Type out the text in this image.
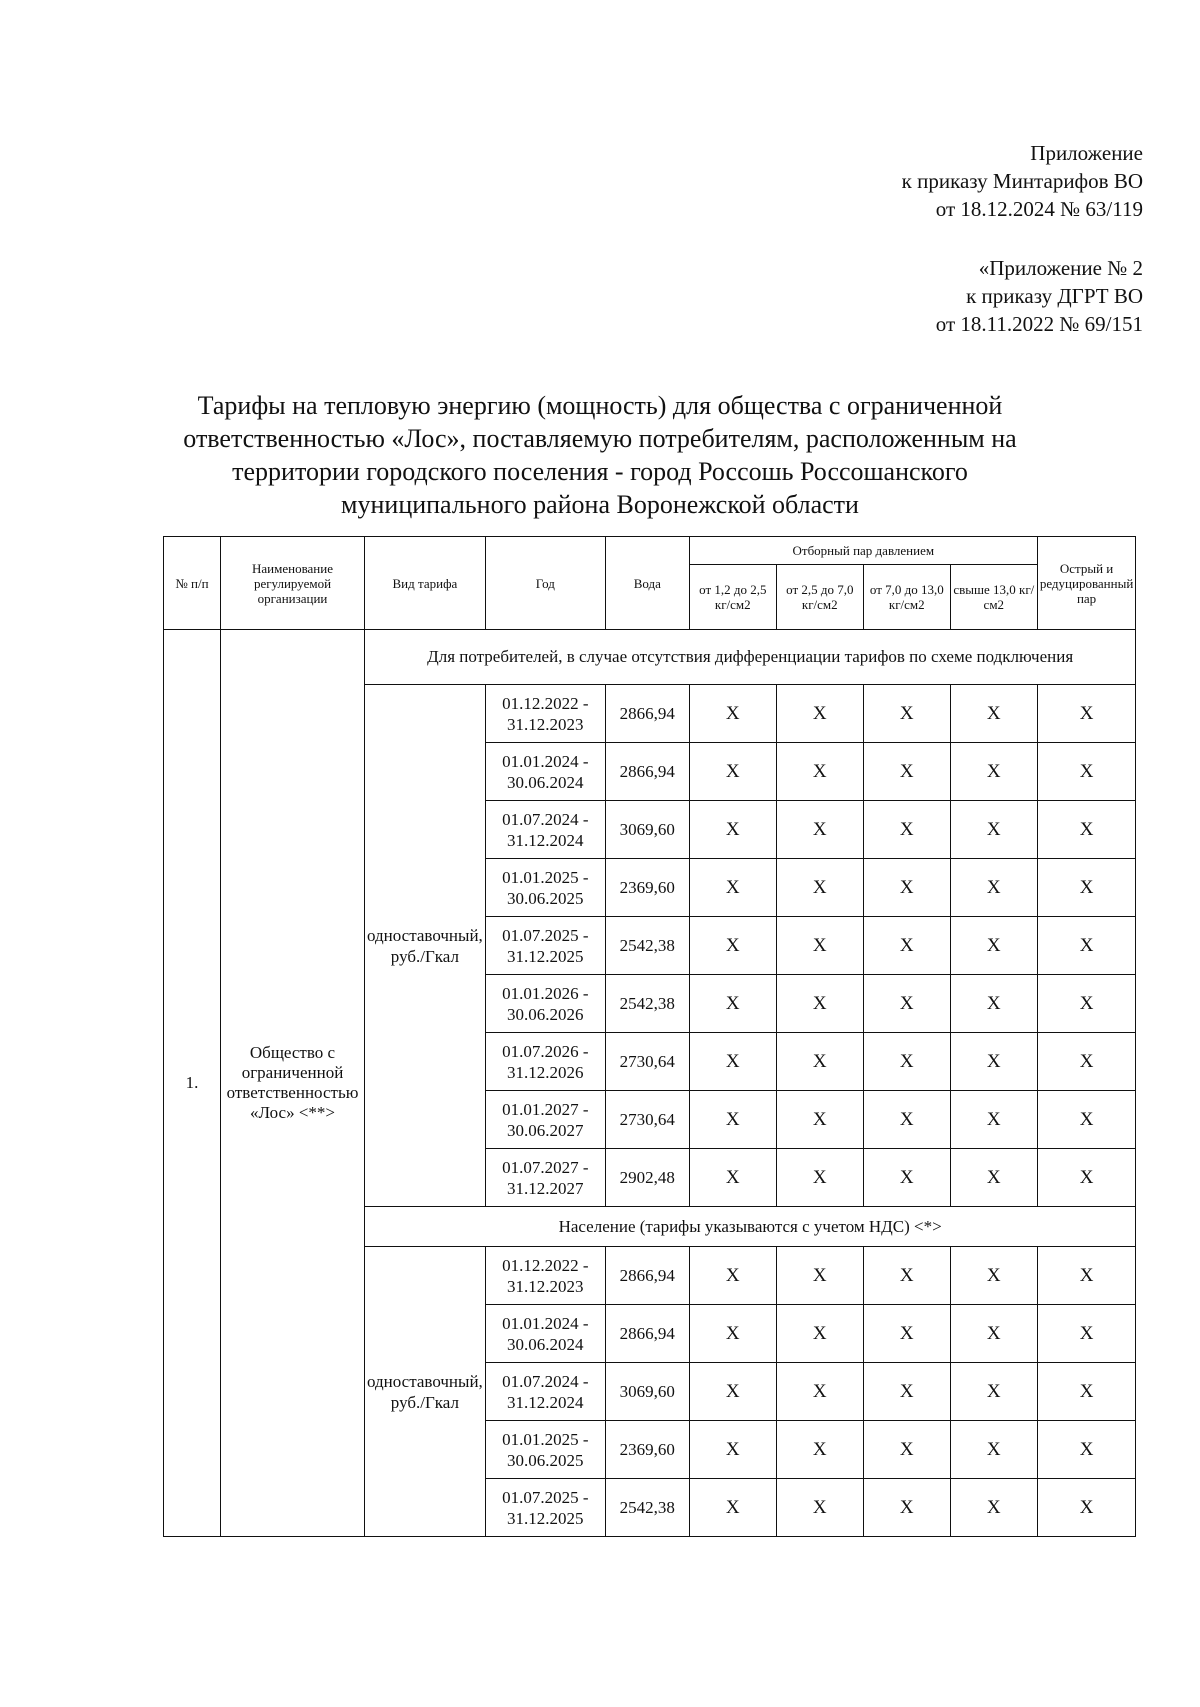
Приложение
к приказу Минтарифов ВО
от 18.12.2024 № 63/119
«Приложение № 2
к приказу ДГРТ ВО
от 18.11.2022 № 69/151
Тарифы на тепловую энергию (мощность) для общества с ограниченной
ответственностью «Лос», поставляемую потребителям, расположенным на
территории городского поселения - город Россошь Россошанского
муниципального района Воронежской области
№ п/п	Наименование регулируемой организации	Вид тарифа	Год	Вода	Отборный пар давлением				Острый и редуцированный пар
					от 1,2 до 2,5 кг/см2	от 2,5 до 7,0 кг/см2	от 7,0 до 13,0 кг/см2	свыше 13,0 кг/см2	
1.	Общество с ограниченной ответственностью «Лос» <**>	Для потребителей, в случае отсутствия дифференциации тарифов по схеме подключения							
		одноставочный, руб./Гкал	01.12.2022 - 31.12.2023	2866,94	X	X	X	X	X
			01.01.2024 - 30.06.2024	2866,94	X	X	X	X	X
			01.07.2024 - 31.12.2024	3069,60	X	X	X	X	X
			01.01.2025 - 30.06.2025	2369,60	X	X	X	X	X
			01.07.2025 - 31.12.2025	2542,38	X	X	X	X	X
			01.01.2026 - 30.06.2026	2542,38	X	X	X	X	X
			01.07.2026 - 31.12.2026	2730,64	X	X	X	X	X
			01.01.2027 - 30.06.2027	2730,64	X	X	X	X	X
			01.07.2027 - 31.12.2027	2902,48	X	X	X	X	X
		Население (тарифы указываются с учетом НДС) <*>							
		одноставочный, руб./Гкал	01.12.2022 - 31.12.2023	2866,94	X	X	X	X	X
			01.01.2024 - 30.06.2024	2866,94	X	X	X	X	X
			01.07.2024 - 31.12.2024	3069,60	X	X	X	X	X
			01.01.2025 - 30.06.2025	2369,60	X	X	X	X	X
			01.07.2025 - 31.12.2025	2542,38	X	X	X	X	X
